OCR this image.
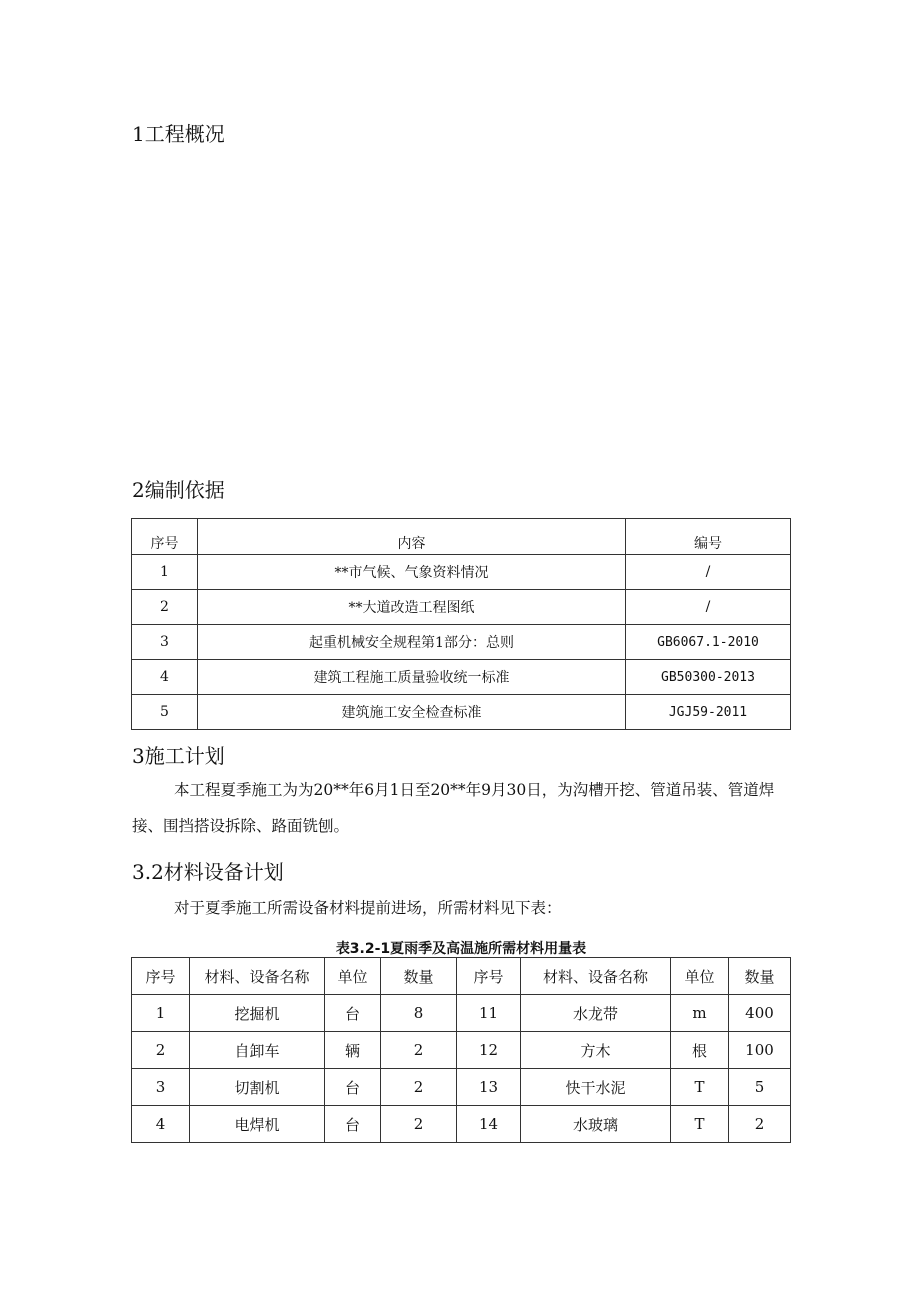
1工程概况
2编制依据
序号	内容	编号
1	**市气候、气象资料情况	/
2	**大道改造工程图纸	/
3	起重机械安全规程第1部分：总则	GB6067.1-2010
4	建筑工程施工质量验收统一标准	GB50300-2013
5	建筑施工安全检查标准	JGJ59-2011
3施工计划
本工程夏季施工为为20**年6月1日至20**年9月30日，为沟槽开挖、管道吊装、管道焊接、围挡搭设拆除、路面铣刨。
3.2材料设备计划
对于夏季施工所需设备材料提前进场，所需材料见下表：
表3.2-1夏雨季及高温施所需材料用量表
序号	材料、设备名称	单位	数量	序号	材料、设备名称	单位	数量
1	挖掘机	台	8	11	水龙带	m	400
2	自卸车	辆	2	12	方木	根	100
3	切割机	台	2	13	快干水泥	T	5
4	电焊机	台	2	14	水玻璃	T	2
